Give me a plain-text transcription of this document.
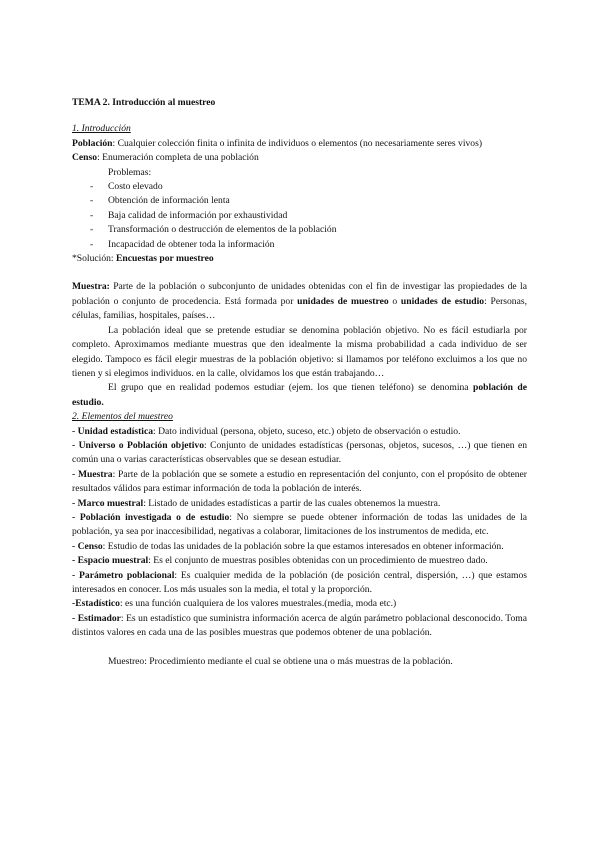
TEMA 2. Introducción al muestreo

1. Introducción

Población: Cualquier colección finita o infinita de individuos o elementos (no necesariamente seres vivos)

Censo: Enumeración completa de una población

Problemas:

- Costo elevado
- Obtención de información lenta
- Baja calidad de información por exhaustividad
- Transformación o destrucción de elementos de la población
- Incapacidad de obtener toda la información

*Solución: Encuestas por muestreo

Muestra: Parte de la población o subconjunto de unidades obtenidas con el fin de investigar las propiedades de la población o conjunto de procedencia. Está formada por unidades de muestreo o unidades de estudio: Personas, células, familias, hospitales, países…

La población ideal que se pretende estudiar se denomina población objetivo. No es fácil estudiarla por completo. Aproximamos mediante muestras que den idealmente la misma probabilidad a cada individuo de ser elegido. Tampoco es fácil elegir muestras de la población objetivo: si llamamos por teléfono excluimos a los que no tienen y si elegimos individuos. en la calle, olvidamos los que están trabajando…

El grupo que en realidad podemos estudiar (ejem. los que tienen teléfono) se denomina población de estudio.

2. Elementos del muestreo

- Unidad estadística: Dato individual (persona, objeto, suceso, etc.) objeto de observación o estudio.

- Universo o Población objetivo: Conjunto de unidades estadísticas (personas, objetos, sucesos, …) que tienen en común una o varias características observables que se desean estudiar.

- Muestra: Parte de la población que se somete a estudio en representación del conjunto, con el propósito de obtener resultados válidos para estimar información de toda la población de interés.

- Marco muestral: Listado de unidades estadísticas a partir de las cuales obtenemos la muestra.

- Población investigada o de estudio: No siempre se puede obtener información de todas las unidades de la población, ya sea por inaccesibilidad, negativas a colaborar, limitaciones de los instrumentos de medida, etc.

- Censo: Estudio de todas las unidades de la población sobre la que estamos interesados en obtener información.

- Espacio muestral: Es el conjunto de muestras posibles obtenidas con un procedimiento de muestreo dado.

- Parámetro poblacional: Es cualquier medida de la población (de posición central, dispersión, …) que estamos interesados en conocer. Los más usuales son la media, el total y la proporción.

-Estadístico: es una función cualquiera de los valores muestrales.(media, moda etc.)

- Estimador: Es un estadístico que suministra información acerca de algún parámetro poblacional desconocido. Toma distintos valores en cada una de las posibles muestras que podemos obtener de una población.

Muestreo: Procedimiento mediante el cual se obtiene una o más muestras de la población.
